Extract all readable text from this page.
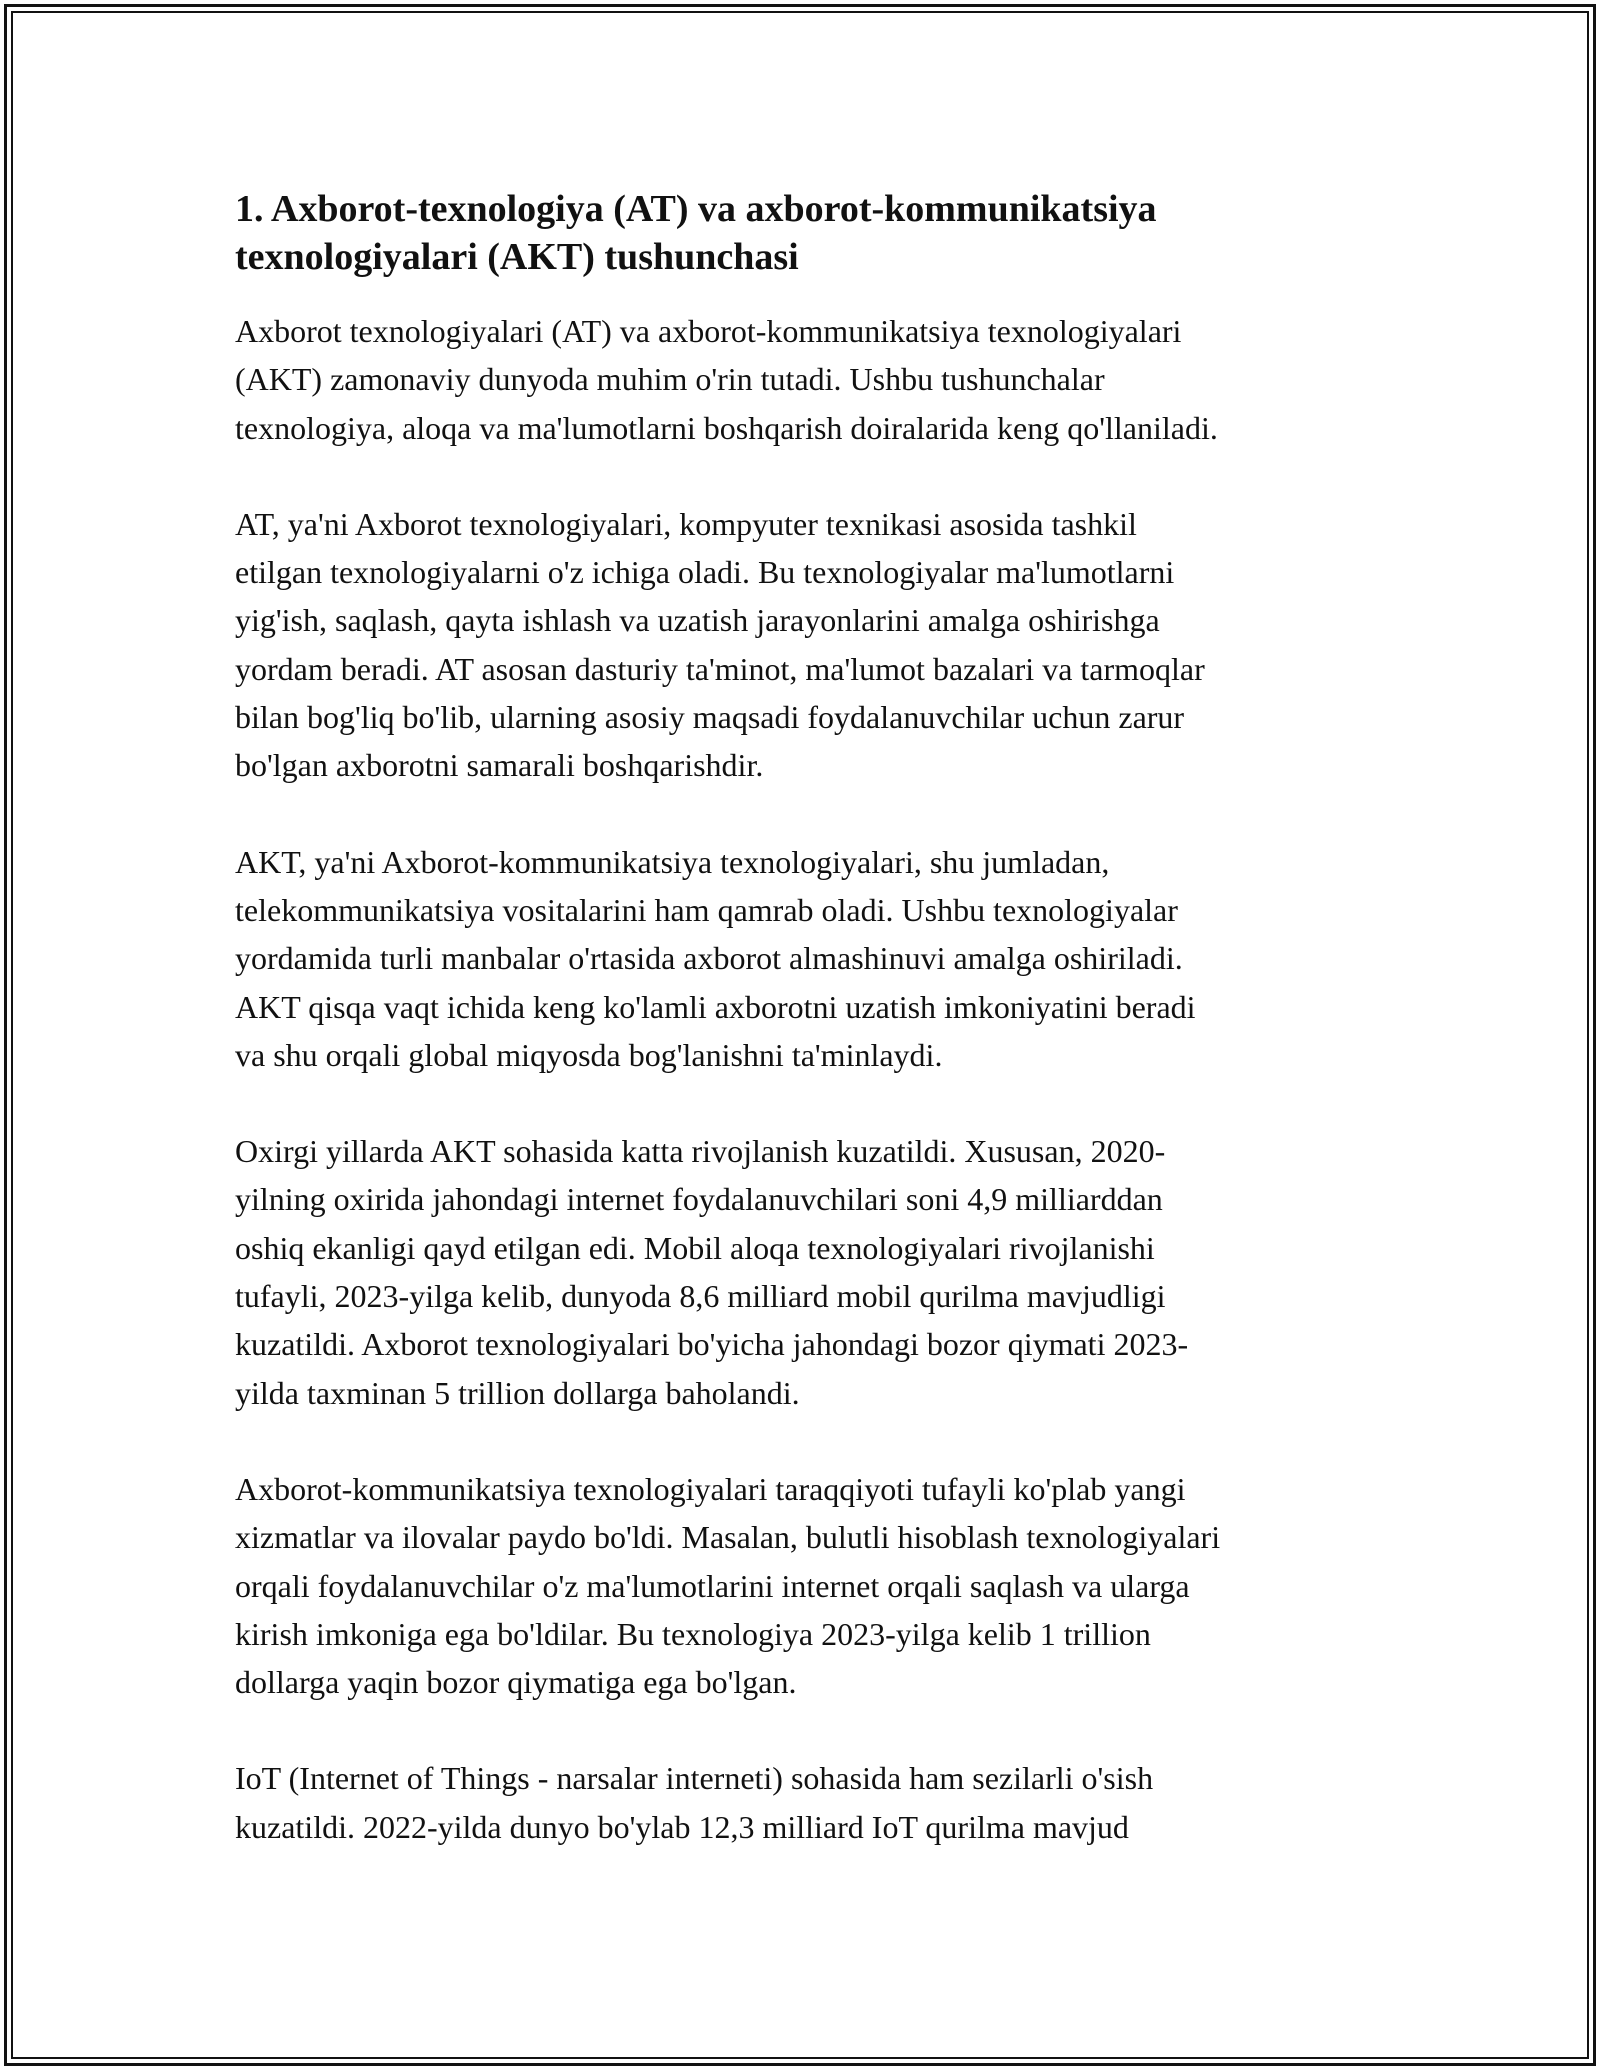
1. Axborot-texnologiya (AT) va axborot-kommunikatsiya
texnologiyalari (AKT) tushunchasi

Axborot texnologiyalari (AT) va axborot-kommunikatsiya texnologiyalari
(AKT) zamonaviy dunyoda muhim o'rin tutadi. Ushbu tushunchalar
texnologiya, aloqa va ma'lumotlarni boshqarish doiralarida keng qo'llaniladi.

AT, ya'ni Axborot texnologiyalari, kompyuter texnikasi asosida tashkil
etilgan texnologiyalarni o'z ichiga oladi. Bu texnologiyalar ma'lumotlarni
yig'ish, saqlash, qayta ishlash va uzatish jarayonlarini amalga oshirishga
yordam beradi. AT asosan dasturiy ta'minot, ma'lumot bazalari va tarmoqlar
bilan bog'liq bo'lib, ularning asosiy maqsadi foydalanuvchilar uchun zarur
bo'lgan axborotni samarali boshqarishdir.

AKT, ya'ni Axborot-kommunikatsiya texnologiyalari, shu jumladan,
telekommunikatsiya vositalarini ham qamrab oladi. Ushbu texnologiyalar
yordamida turli manbalar o'rtasida axborot almashinuvi amalga oshiriladi.
AKT qisqa vaqt ichida keng ko'lamli axborotni uzatish imkoniyatini beradi
va shu orqali global miqyosda bog'lanishni ta'minlaydi.

Oxirgi yillarda AKT sohasida katta rivojlanish kuzatildi. Xususan, 2020-
yilning oxirida jahondagi internet foydalanuvchilari soni 4,9 milliarddan
oshiq ekanligi qayd etilgan edi. Mobil aloqa texnologiyalari rivojlanishi
tufayli, 2023-yilga kelib, dunyoda 8,6 milliard mobil qurilma mavjudligi
kuzatildi. Axborot texnologiyalari bo'yicha jahondagi bozor qiymati 2023-
yilda taxminan 5 trillion dollarga baholandi.

Axborot-kommunikatsiya texnologiyalari taraqqiyoti tufayli ko'plab yangi
xizmatlar va ilovalar paydo bo'ldi. Masalan, bulutli hisoblash texnologiyalari
orqali foydalanuvchilar o'z ma'lumotlarini internet orqali saqlash va ularga
kirish imkoniga ega bo'ldilar. Bu texnologiya 2023-yilga kelib 1 trillion
dollarga yaqin bozor qiymatiga ega bo'lgan.

IoT (Internet of Things - narsalar interneti) sohasida ham sezilarli o'sish
kuzatildi. 2022-yilda dunyo bo'ylab 12,3 milliard IoT qurilma mavjud
